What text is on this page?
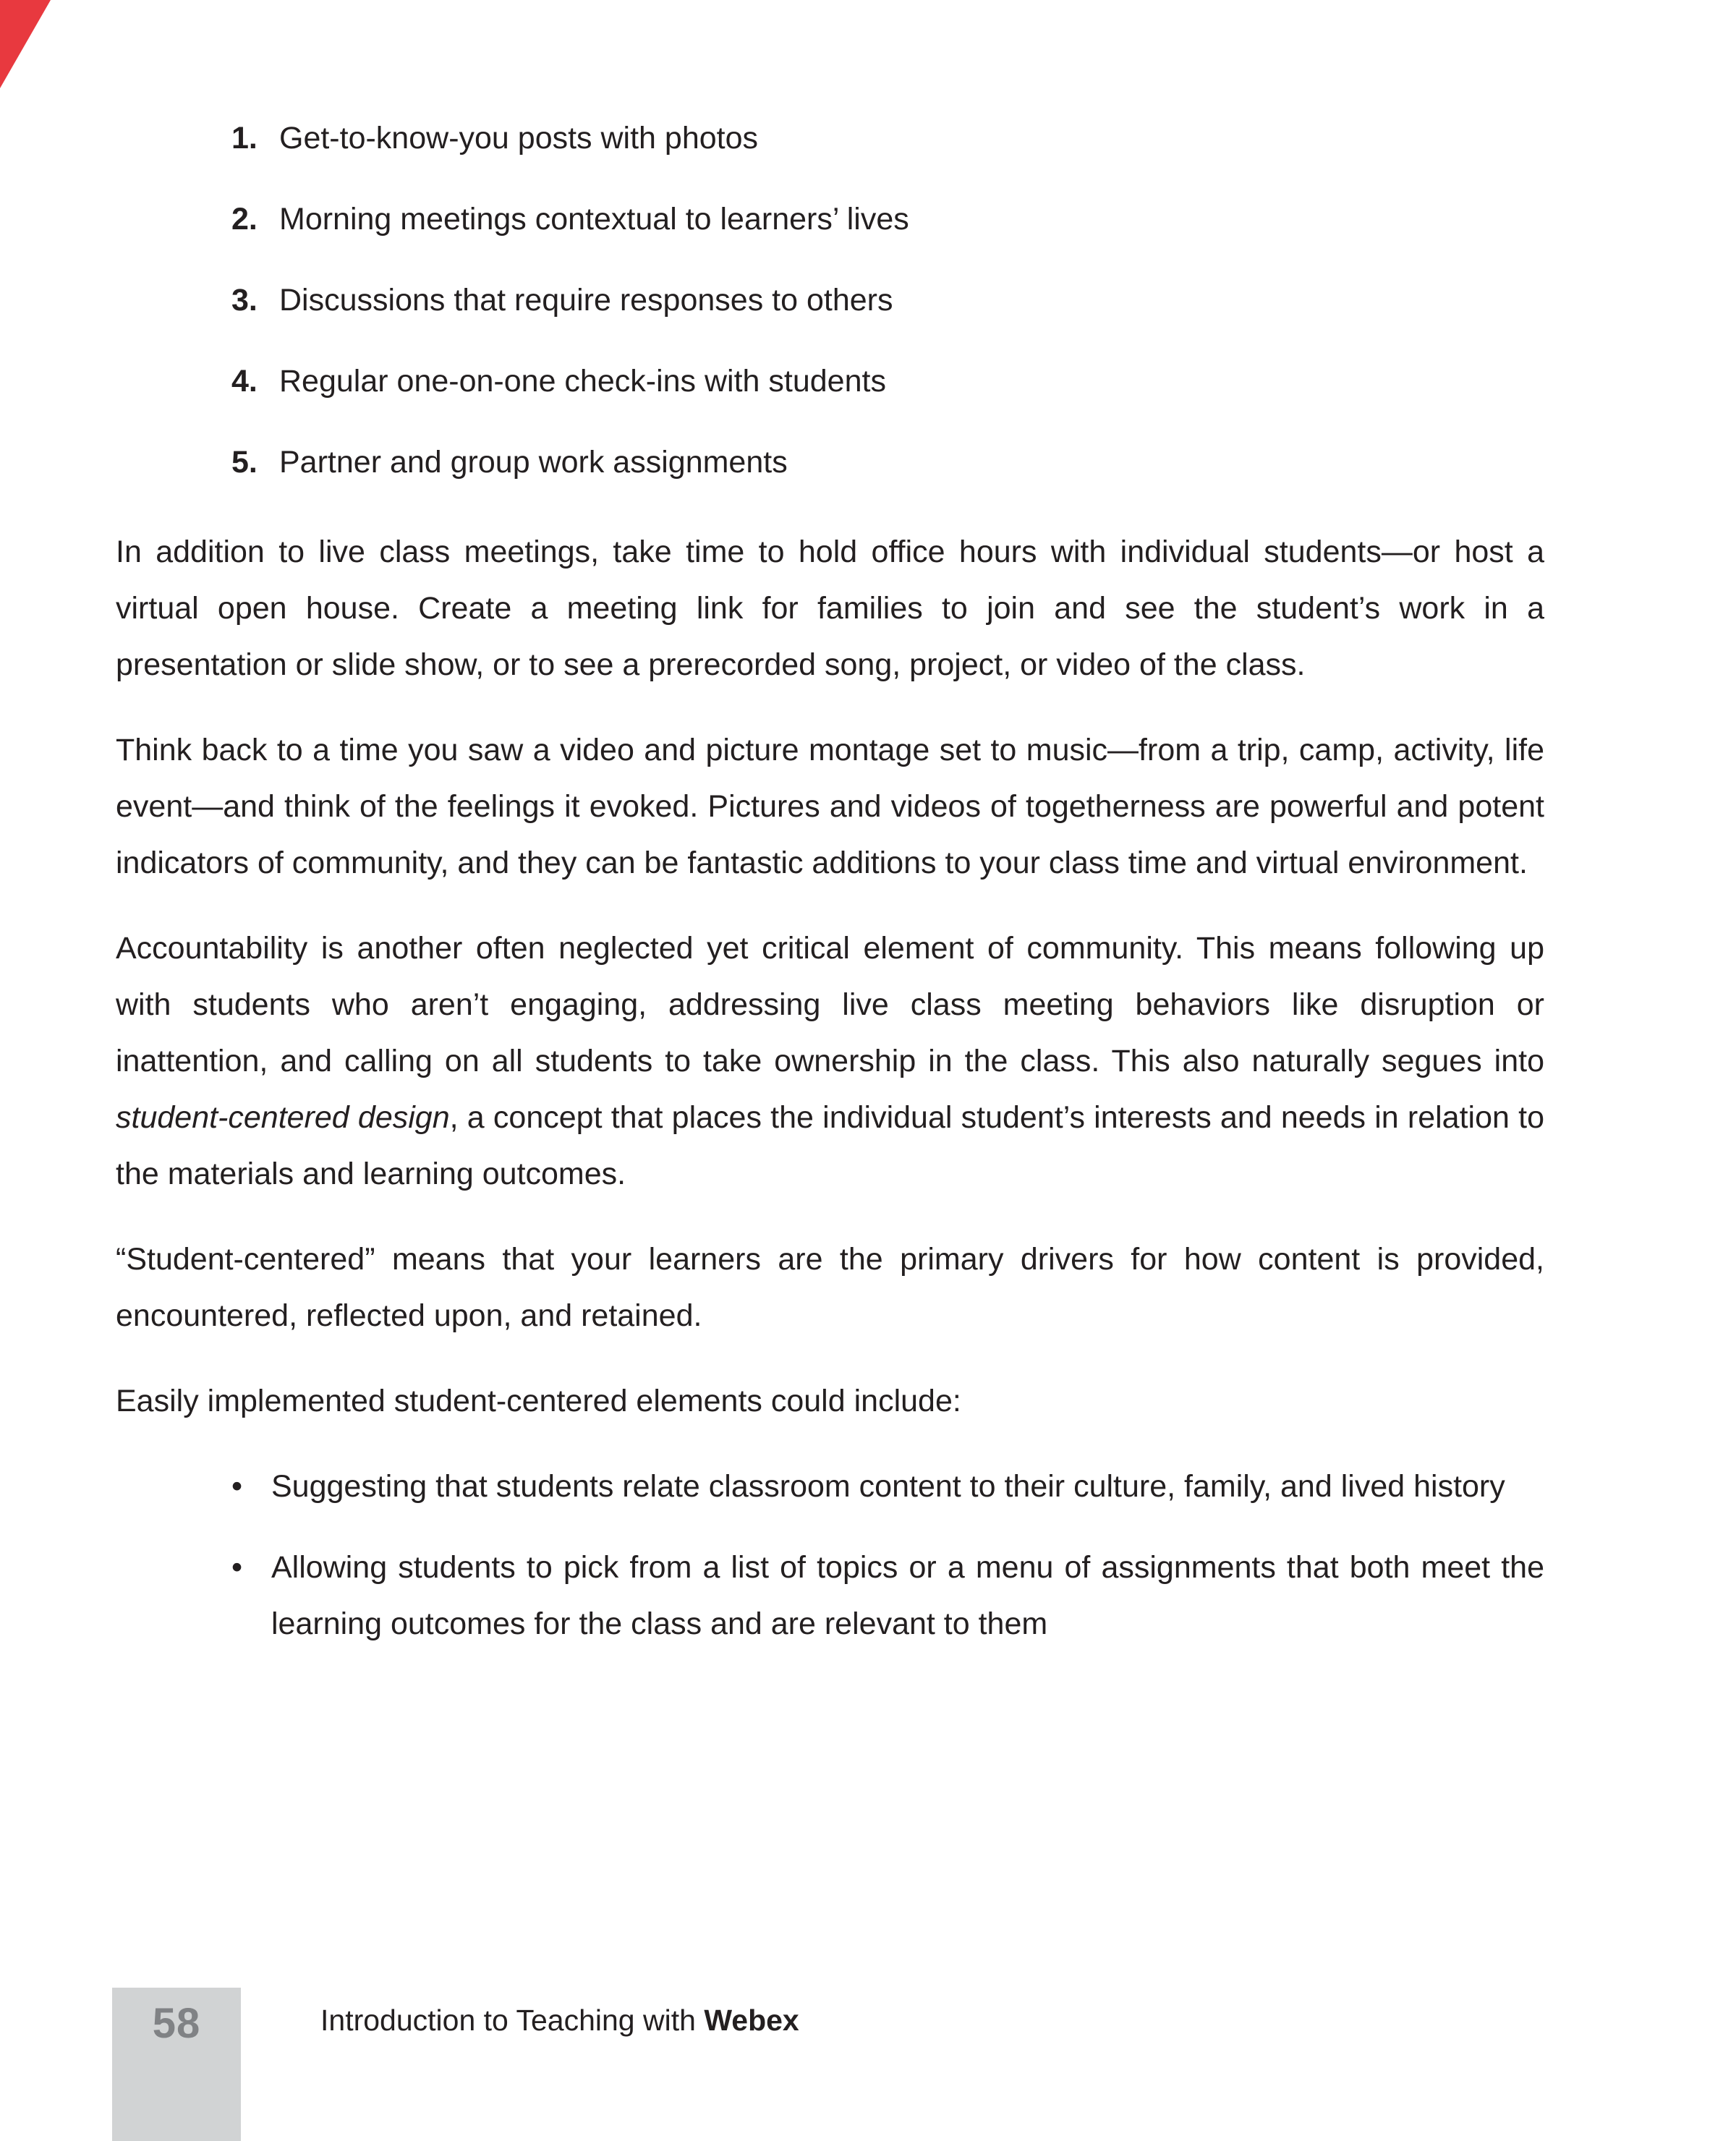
1. Get-to-know-you posts with photos
2. Morning meetings contextual to learners’ lives
3. Discussions that require responses to others
4. Regular one-on-one check-ins with students
5. Partner and group work assignments

In addition to live class meetings, take time to hold office hours with individual students—or host a virtual open house. Create a meeting link for families to join and see the student’s work in a presentation or slide show, or to see a prerecorded song, project, or video of the class.

Think back to a time you saw a video and picture montage set to music—from a trip, camp, activity, life event—and think of the feelings it evoked. Pictures and videos of togetherness are powerful and potent indicators of community, and they can be fantastic additions to your class time and virtual environment.

Accountability is another often neglected yet critical element of community. This means following up with students who aren’t engaging, addressing live class meeting behaviors like disruption or inattention, and calling on all students to take ownership in the class. This also naturally segues into student-centered design, a concept that places the individual student’s interests and needs in relation to the materials and learning outcomes.

“Student-centered” means that your learners are the primary drivers for how content is provided, encountered, reflected upon, and retained.

Easily implemented student-centered elements could include:

• Suggesting that students relate classroom content to their culture, family, and lived history
• Allowing students to pick from a list of topics or a menu of assignments that both meet the learning outcomes for the class and are relevant to them
58	Introduction to Teaching with Webex
